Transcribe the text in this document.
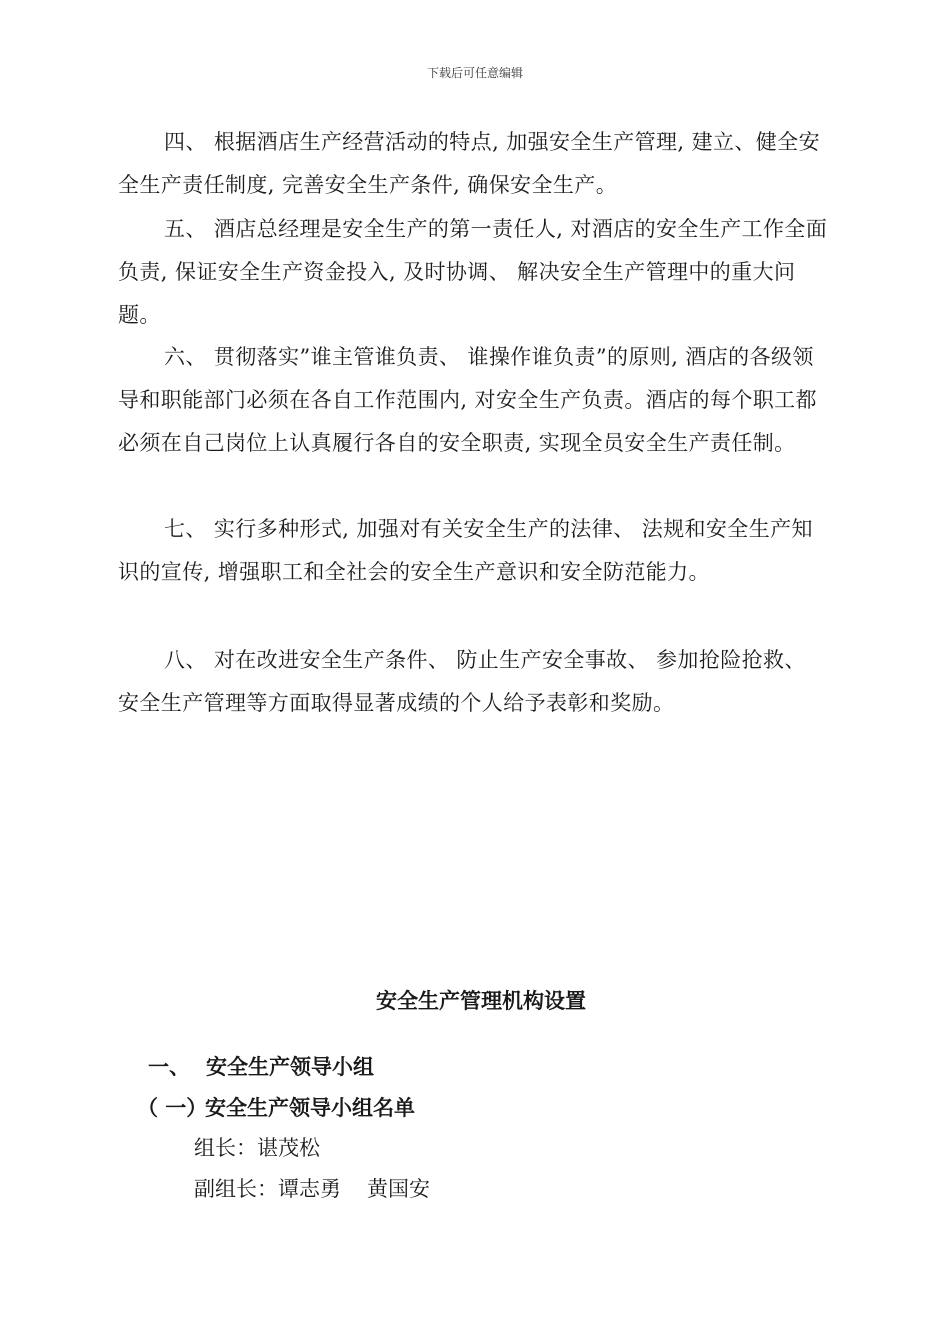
下载后可任意编辑

四、 根据酒店生产经营活动的特点, 加强安全生产管理, 建立、健全安全生产责任制度, 完善安全生产条件, 确保安全生产。

五、 酒店总经理是安全生产的第一责任人, 对酒店的安全生产工作全面负责, 保证安全生产资金投入, 及时协调、 解决安全生产管理中的重大问题。

六、 贯彻落实”谁主管谁负责、 谁操作谁负责”的原则, 酒店的各级领导和职能部门必须在各自工作范围内, 对安全生产负责。酒店的每个职工都必须在自己岗位上认真履行各自的安全职责, 实现全员安全生产责任制。

七、 实行多种形式, 加强对有关安全生产的法律、 法规和安全生产知识的宣传, 增强职工和全社会的安全生产意识和安全防范能力。

八、 对在改进安全生产条件、 防止生产安全事故、 参加抢险抢救、 安全生产管理等方面取得显著成绩的个人给予表彰和奖励。

安全生产管理机构设置
一、 安全生产领导小组
（ 一）安全生产领导小组名单
组长：谌茂松
副组长：谭志勇 黄国安
